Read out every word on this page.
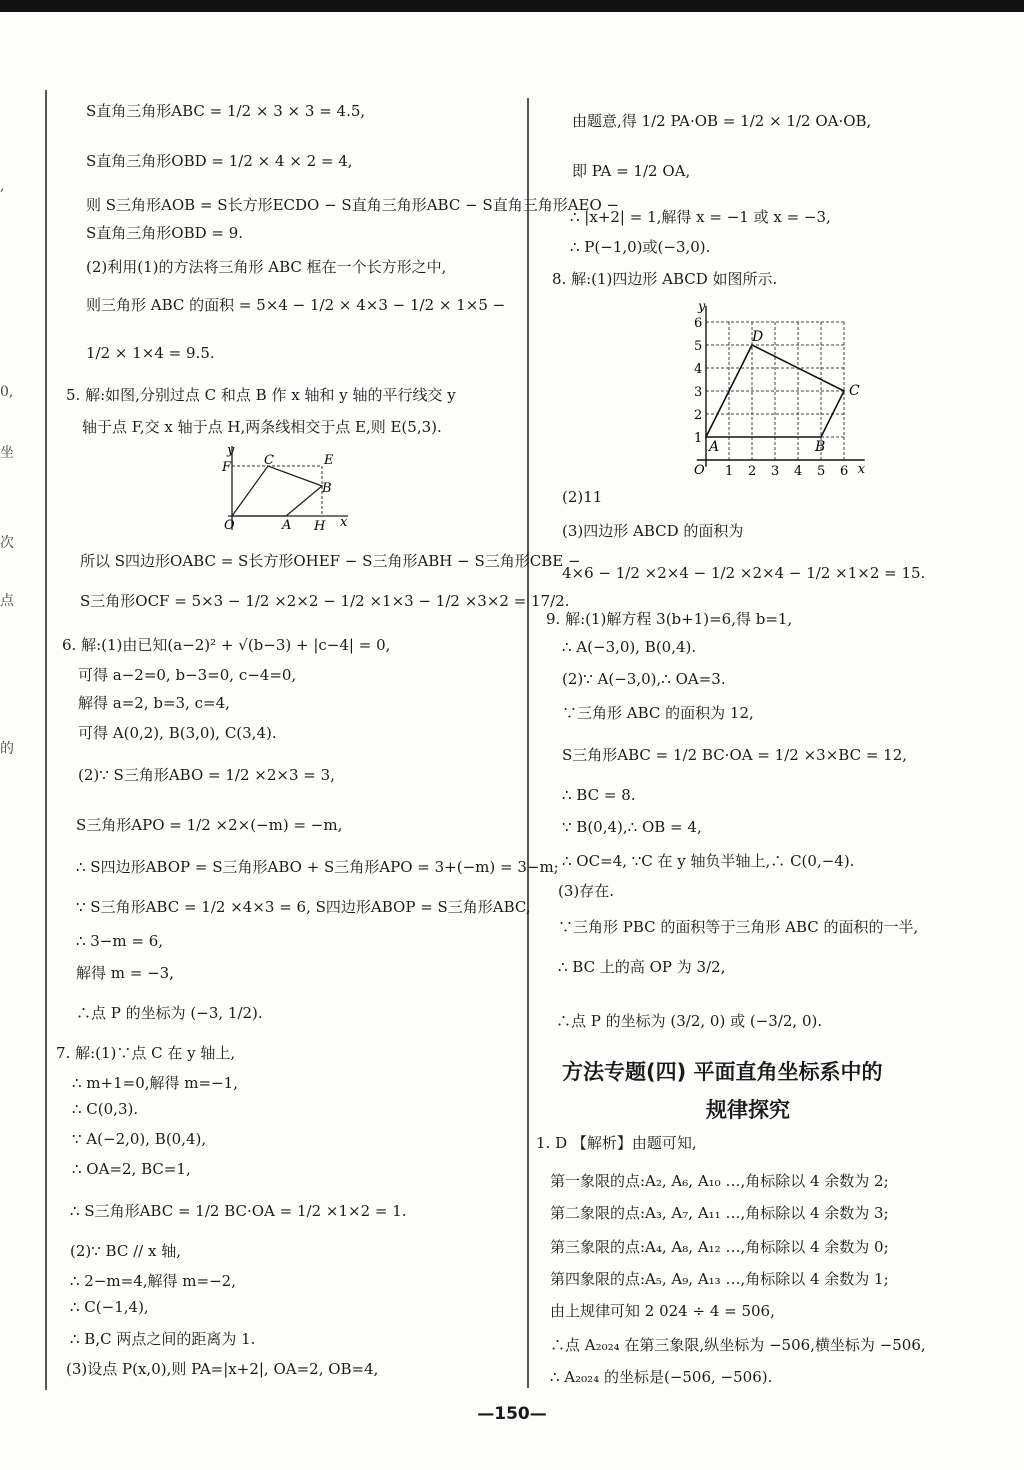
,
0,
坐
次
点
的
S直角三角形ABC = 1/2 × 3 × 3 = 4.5,
S直角三角形OBD = 1/2 × 4 × 2 = 4,
则 S三角形AOB = S长方形ECDO − S直角三角形ABC − S直角三角形AEO −
S直角三角形OBD = 9.
(2)利用(1)的方法将三角形 ABC 框在一个长方形之中,
则三角形 ABC 的面积 = 5×4 − 1/2 × 4×3 − 1/2 × 1×5 −
1/2 × 1×4 = 9.5.
5. 解:如图,分别过点 C 和点 B 作 x 轴和 y 轴的平行线交 y
轴于点 F,交 x 轴于点 H,两条线相交于点 E,则 E(5,3).
y
F	C	E
B
O	A H x
所以 S四边形OABC = S长方形OHEF − S三角形ABH − S三角形CBE −
S三角形OCF = 5×3 − 1/2 ×2×2 − 1/2 ×1×3 − 1/2 ×3×2 = 17/2.
6. 解:(1)由已知(a−2)² + √(b−3) + |c−4| = 0,
可得 a−2=0, b−3=0, c−4=0,
解得 a=2, b=3, c=4,
可得 A(0,2), B(3,0), C(3,4).
(2)∵ S三角形ABO = 1/2 ×2×3 = 3,
S三角形APO = 1/2 ×2×(−m) = −m,
∴ S四边形ABOP = S三角形ABO + S三角形APO = 3+(−m) = 3−m;
∵ S三角形ABC = 1/2 ×4×3 = 6, S四边形ABOP = S三角形ABC,
∴ 3−m = 6,
解得 m = −3,
∴点 P 的坐标为 (−3, 1/2).
7. 解:(1)∵点 C 在 y 轴上,
∴ m+1=0,解得 m=−1,
∴ C(0,3).
∵ A(−2,0), B(0,4),
∴ OA=2, BC=1,
∴ S三角形ABC = 1/2 BC·OA = 1/2 ×1×2 = 1.
(2)∵ BC // x 轴,
∴ 2−m=4,解得 m=−2,
∴ C(−1,4),
∴ B,C 两点之间的距离为 1.
(3)设点 P(x,0),则 PA=|x+2|, OA=2, OB=4,
由题意,得 1/2 PA·OB = 1/2 × 1/2 OA·OB,
即 PA = 1/2 OA,
∴ |x+2| = 1,解得 x = −1 或 x = −3,
∴ P(−1,0)或(−3,0).
8. 解:(1)四边形 ABCD 如图所示.
1 2 3 4 5 6
1
2
3
4
5
6
O	x
y
A	B
C
D
(2)11
(3)四边形 ABCD 的面积为
4×6 − 1/2 ×2×4 − 1/2 ×2×4 − 1/2 ×1×2 = 15.
9. 解:(1)解方程 3(b+1)=6,得 b=1,
∴ A(−3,0), B(0,4).
(2)∵ A(−3,0),∴ OA=3.
∵三角形 ABC 的面积为 12,
S三角形ABC = 1/2 BC·OA = 1/2 ×3×BC = 12,
∴ BC = 8.
∵ B(0,4),∴ OB = 4,
∴ OC=4, ∵C 在 y 轴负半轴上,∴ C(0,−4).
(3)存在.
∵三角形 PBC 的面积等于三角形 ABC 的面积的一半,
∴ BC 上的高 OP 为 3/2,
∴点 P 的坐标为 (3/2, 0) 或 (−3/2, 0).
方法专题(四) 平面直角坐标系中的
规律探究
1. D 【解析】由题可知,
第一象限的点:A₂, A₆, A₁₀ …,角标除以 4 余数为 2;
第二象限的点:A₃, A₇, A₁₁ …,角标除以 4 余数为 3;
第三象限的点:A₄, A₈, A₁₂ …,角标除以 4 余数为 0;
第四象限的点:A₅, A₉, A₁₃ …,角标除以 4 余数为 1;
由上规律可知 2 024 ÷ 4 = 506,
∴点 A₂₀₂₄ 在第三象限,纵坐标为 −506,横坐标为 −506,
∴ A₂₀₂₄ 的坐标是(−506, −506).
—150—
